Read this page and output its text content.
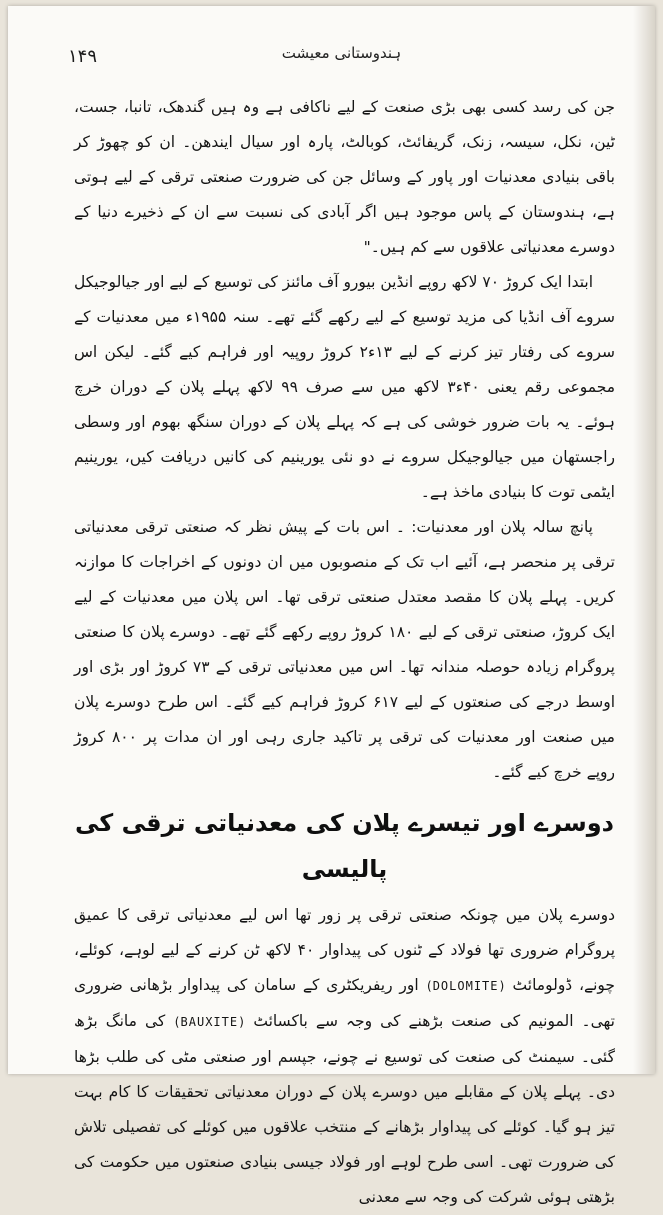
۱۴۹	ہندوستانی معیشت

جن کی رسد کسی بھی بڑی صنعت کے لیے ناکافی ہے وہ ہیں گندھک، تانبا، جست، ٹین، نکل، سیسہ، زنک، گریفائٹ، کوبالٹ، پارہ اور سیال ایندھن۔ ان کو چھوڑ کر باقی بنیادی معدنیات اور پاور کے وسائل جن کی ضرورت صنعتی ترقی کے لیے ہوتی ہے، ہندوستان کے پاس موجود ہیں اگر آبادی کی نسبت سے ان کے ذخیرے دنیا کے دوسرے معدنیاتی علاقوں سے کم ہیں۔"

ابتدا ایک کروڑ ۷۰ لاکھ روپے انڈین بیورو آف مائنز کی توسیع کے لیے اور جیالوجیکل سروے آف انڈیا کی مزید توسیع کے لیے رکھے گئے تھے۔ سنہ ۱۹۵۵ء میں معدنیات کے سروے کی رفتار تیز کرنے کے لیے ۱۳ء۲ کروڑ روپیہ اور فراہم کیے گئے۔ لیکن اس مجموعی رقم یعنی ۴۰ء۳ لاکھ میں سے صرف ۹۹ لاکھ پہلے پلان کے دوران خرچ ہوئے۔ یہ بات ضرور خوشی کی ہے کہ پہلے پلان کے دوران سنگھ بھوم اور وسطی راجستھان میں جیالوجیکل سروے نے دو نئی یورینیم کی کانیں دریافت کیں، یورینیم ایٹمی توت کا بنیادی ماخذ ہے۔

پانچ سالہ پلان اور معدنیات: ۔ اس بات کے پیش نظر کہ صنعتی ترقی معدنیاتی ترقی پر منحصر ہے، آئیے اب تک کے منصوبوں میں ان دونوں کے اخراجات کا موازنہ کریں۔ پہلے پلان کا مقصد معتدل صنعتی ترقی تھا۔ اس پلان میں معدنیات کے لیے ایک کروڑ، صنعتی ترقی کے لیے ۱۸۰ کروڑ روپے رکھے گئے تھے۔ دوسرے پلان کا صنعتی پروگرام زیادہ حوصلہ مندانہ تھا۔ اس میں معدنیاتی ترقی کے ۷۳ کروڑ اور بڑی اور اوسط درجے کی صنعتوں کے لیے ۶۱۷ کروڑ فراہم کیے گئے۔ اس طرح دوسرے پلان میں صنعت اور معدنیات کی ترقی پر تاکید جاری رہی اور ان مدات پر ۸۰۰ کروڑ روپے خرچ کیے گئے۔

دوسرے اور تیسرے پلان کی معدنیاتی ترقی کی پالیسی

دوسرے پلان میں چونکہ صنعتی ترقی پر زور تھا اس لیے معدنیاتی ترقی کا عمیق پروگرام ضروری تھا فولاد کے ٹنوں کی پیداوار ۴۰ لاکھ ٹن کرنے کے لیے لوہے، کوئلے، چونے، ڈولومائٹ (DOLOMITE) اور ریفریکٹری کے سامان کی پیداوار بڑھانی ضروری تھی۔ المونیم کی صنعت بڑھنے کی وجہ سے باکسائٹ (BAUXITE) کی مانگ بڑھ گئی۔ سیمنٹ کی صنعت کی توسیع نے چونے، جپسم اور صنعتی مٹی کی طلب بڑھا دی۔ پہلے پلان کے مقابلے میں دوسرے پلان کے دوران معدنیاتی تحقیقات کا کام بہت تیز ہو گیا۔ کوئلے کی پیداوار بڑھانے کے منتخب علاقوں میں کوئلے کی تفصیلی تلاش کی ضرورت تھی۔ اسی طرح لوہے اور فولاد جیسی بنیادی صنعتوں میں حکومت کی بڑھتی ہوئی شرکت کی وجہ سے معدنی
